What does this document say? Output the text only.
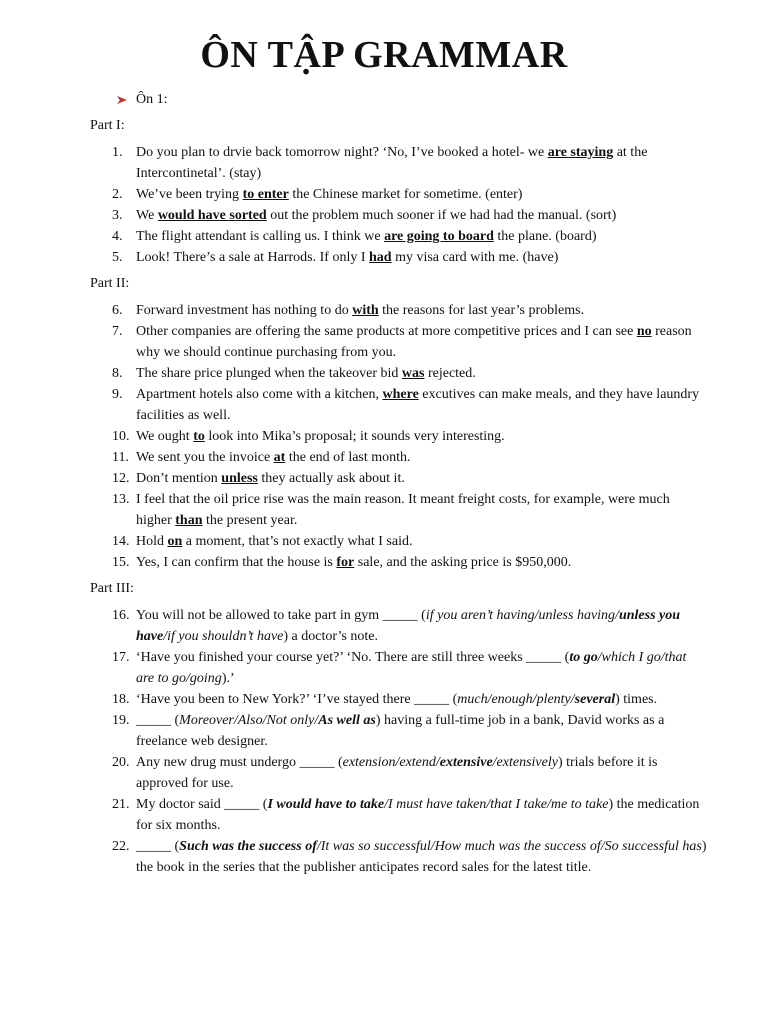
ÔN TẬP GRAMMAR
Ôn 1:
Part I:
1. Do you plan to drvie back tomorrow night? ‘No, I’ve booked a hotel- we are staying at the Intercontinetal’. (stay)
2. We’ve been trying to enter the Chinese market for sometime. (enter)
3. We would have sorted out the problem much sooner if we had had the manual. (sort)
4. The flight attendant is calling us. I think we are going to board the plane. (board)
5. Look! There’s a sale at Harrods. If only I had my visa card with me. (have)
Part II:
6. Forward investment has nothing to do with the reasons for last year’s problems.
7. Other companies are offering the same products at more competitive prices and I can see no reason why we should continue purchasing from you.
8. The share price plunged when the takeover bid was rejected.
9. Apartment hotels also come with a kitchen, where excutives can make meals, and they have laundry facilities as well.
10. We ought to look into Mika’s proposal; it sounds very interesting.
11. We sent you the invoice at the end of last month.
12. Don’t mention unless they actually ask about it.
13. I feel that the oil price rise was the main reason. It meant freight costs, for example, were much higher than the present year.
14. Hold on a moment, that’s not exactly what I said.
15. Yes, I can confirm that the house is for sale, and the asking price is $950,000.
Part III:
16. You will not be allowed to take part in gym _____ (if you aren’t having/unless having/unless you have/if you shouldn’t have) a doctor’s note.
17. ‘Have you finished your course yet?’ ‘No. There are still three weeks _____ (to go/which I go/that are to go/going).’
18. ‘Have you been to New York?’ ‘I’ve stayed there _____ (much/enough/plenty/several) times.
19. _____ (Moreover/Also/Not only/As well as) having a full-time job in a bank, David works as a freelance web designer.
20. Any new drug must undergo _____ (extension/extend/extensive/extensively) trials before it is approved for use.
21. My doctor said _____ (I would have to take/I must have taken/that I take/me to take) the medication for six months.
22. _____ (Such was the success of/It was so successful/How much was the success of/So successful has) the book in the series that the publisher anticipates record sales for the latest title.
